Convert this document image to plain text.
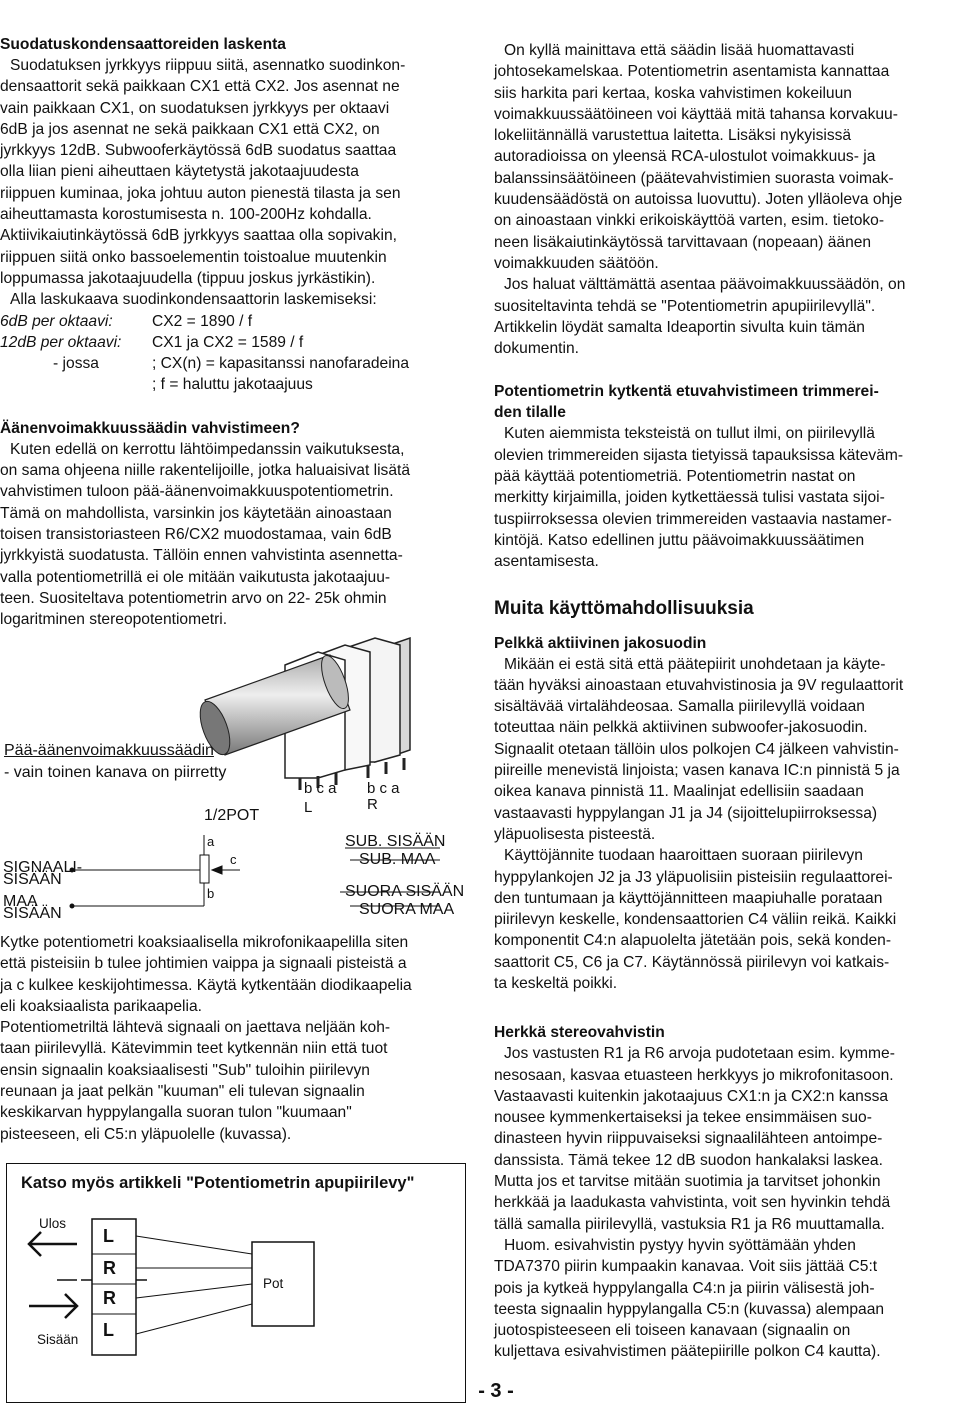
Suodatuskondensaattoreiden laskenta

Suodatuksen jyrkkyys riippuu siitä, asennatko suodinkon-

densaattorit sekä paikkaan CX1 että CX2. Jos asennat ne

vain paikkaan CX1, on suodatuksen jyrkkyys per oktaavi

6dB ja jos asennat ne sekä paikkaan CX1 että CX2, on

jyrkkyys 12dB. Subwooferkäytössä 6dB suodatus saattaa

olla liian pieni aiheuttaen käytetystä jakotaajuudesta

riippuen kuminaa, joka johtuu auton pienestä tilasta ja sen

aiheuttamasta korostumisesta n. 100-200Hz kohdalla.

Aktiivikaiutinkäytössä 6dB jyrkkyys saattaa olla sopivakin,

riippuen siitä onko bassoelementin toistoalue muutenkin

loppumassa jakotaajuudella (tippuu joskus jyrkästikin).

Alla laskukaava suodinkondensaattorin laskemiseksi:

6dB per oktaavi:	CX2 = 1890 / f
12dB per oktaavi: CX1 ja CX2 = 1589 / f
- jossa	; CX(n) = kapasitanssi nanofaradeina
; f = haluttu jakotaajuus
Äänenvoimakkuussäädin vahvistimeen?

Kuten edellä on kerrottu lähtöimpedanssin vaikutuksesta,

on sama ohjeena niille rakentelijoille, jotka haluaisivat lisätä

vahvistimen tuloon pää-äänenvoimakkuuspotentiometrin.

Tämä on mahdollista, varsinkin jos käytetään ainoastaan

toisen transistoriasteen R6/CX2 muodostamaa, vain 6dB

jyrkkyistä suodatusta. Tällöin ennen vahvistinta asennetta-

valla potentiometrillä ei ole mitään vaikutusta jakotaajuu-

teen. Suositeltava potentiometrin arvo on 22- 25k ohmin

logaritminen stereopotentiometri.

Pää-äänenvoimakkuussäädin
- vain toinen kanava on piirretty
1/2POT
a
c
b
SIGNAALI-
SISÄÄN
MAA
SISÄÄN
b c a
L
b c a
R
SUB. SISÄÄN
SUB. MAA
SUORA SISÄÄN
SUORA MAA

Kytke potentiometri koaksiaalisella mikrofonikaapelilla siten

että pisteisiin b tulee johtimien vaippa ja signaali pisteistä a

ja c kulkee keskijohtimessa. Käytä kytkentään diodikaapelia

eli koaksiaalista parikaapelia.

Potentiometriltä lähtevä signaali on jaettava neljään koh-

taan piirilevyllä. Kätevimmin teet kytkennän niin että tuot

ensin signaalin koaksiaalisesti "Sub" tuloihin piirilevyn

reunaan ja jaat pelkän "kuuman" eli tulevan signaalin

keskikarvan hyppylangalla suoran tulon "kuumaan"

pisteeseen, eli C5:n yläpuolelle (kuvassa).

Katso myös artikkeli "Potentiometrin apupiirilevy"
Ulos
Sisään
Pot
L
R
R
L

On kyllä mainittava että säädin lisää huomattavasti

johtosekamelskaa. Potentiometrin asentamista kannattaa

siis harkita pari kertaa, koska vahvistimen kokeiluun

voimakkuussäätöineen voi käyttää mitä tahansa korvakuu-

lokeliitännällä varustettua laitetta. Lisäksi nykyisissä

autoradioissa on yleensä RCA-ulostulot voimakkuus- ja

balanssinsäätöineen (päätevahvistimien suorasta voimak-

kuudensäädöstä on autoissa luovuttu). Joten ylläoleva ohje

on ainoastaan vinkki erikoiskäyttöä varten, esim. tietoko-

neen lisäkaiutinkäytössä tarvittavaan (nopeaan) äänen

voimakkuuden säätöön.

Jos haluat välttämättä asentaa päävoimakkuussäädön, on

suositeltavinta tehdä se "Potentiometrin apupiirilevyllä".

Artikkelin löydät samalta Ideaportin sivulta kuin tämän

dokumentin.

Potentiometrin kytkentä etuvahvistimeen trimmerei-
den tilalle

Kuten aiemmista teksteistä on tullut ilmi, on piirilevyllä

olevien trimmereiden sijasta tietyissä tapauksissa käteväm-

pää käyttää potentiometriä. Potentiometrin nastat on

merkitty kirjaimilla, joiden kytkettäessä tulisi vastata sijoi-

tuspiirroksessa olevien trimmereiden vastaavia nastamer-

kintöjä. Katso edellinen juttu päävoimakkuussäätimen

asentamisesta.

Muita käyttömahdollisuuksia
Pelkkä aktiivinen jakosuodin

Mikään ei estä sitä että päätepiirit unohdetaan ja käyte-

tään hyväksi ainoastaan etuvahvistinosia ja 9V regulaattorit

sisältävää virtalähdeosaa. Samalla piirilevyllä voidaan

toteuttaa näin pelkkä aktiivinen subwoofer-jakosuodin.

Signaalit otetaan tällöin ulos polkojen C4 jälkeen vahvistin-

piireille menevistä linjoista; vasen kanava IC:n pinnistä 5 ja

oikea kanava pinnistä 11. Maalinjat edellisiin saadaan

vastaavasti hyppylangan J1 ja J4 (sijoittelupiirroksessa)

yläpuolisesta pisteestä.

Käyttöjännite tuodaan haaroittaen suoraan piirilevyn

hyppylankojen J2 ja J3 yläpuolisiin pisteisiin regulaattorei-

den tuntumaan ja käyttöjännitteen maapiuhalle porataan

piirilevyn keskelle, kondensaattorien C4 väliin reikä. Kaikki

komponentit C4:n alapuolelta jätetään pois, sekä konden-

saattorit C5, C6 ja C7. Käytännössä piirilevyn voi katkais-

ta keskeltä poikki.

Herkkä stereovahvistin

Jos vastusten R1 ja R6 arvoja pudotetaan esim. kymme-

nesosaan, kasvaa etuasteen herkkyys jo mikrofonitasoon.

Vastaavasti kuitenkin jakotaajuus CX1:n ja CX2:n kanssa

nousee kymmenkertaiseksi ja tekee ensimmäisen suo-

dinasteen hyvin riippuvaiseksi signaalilähteen antoimpe-

danssista. Tämä tekee 12 dB suodon hankalaksi laskea.

Mutta jos et tarvitse mitään suotimia ja tarvitset johonkin

herkkää ja laadukasta vahvistinta, voit sen hyvinkin tehdä

tällä samalla piirilevyllä, vastuksia R1 ja R6 muuttamalla.

Huom. esivahvistin pystyy hyvin syöttämään yhden

TDA7370 piirin kumpaakin kanavaa. Voit siis jättää C5:t

pois ja kytkeä hyppylangalla C4:n ja piirin välisestä joh-

teesta signaalin hyppylangalla C5:n (kuvassa) alempaan

juotospisteeseen eli toiseen kanavaan (signaalin on

kuljettava esivahvistimen päätepiirille polkon C4 kautta).

- 3 -
